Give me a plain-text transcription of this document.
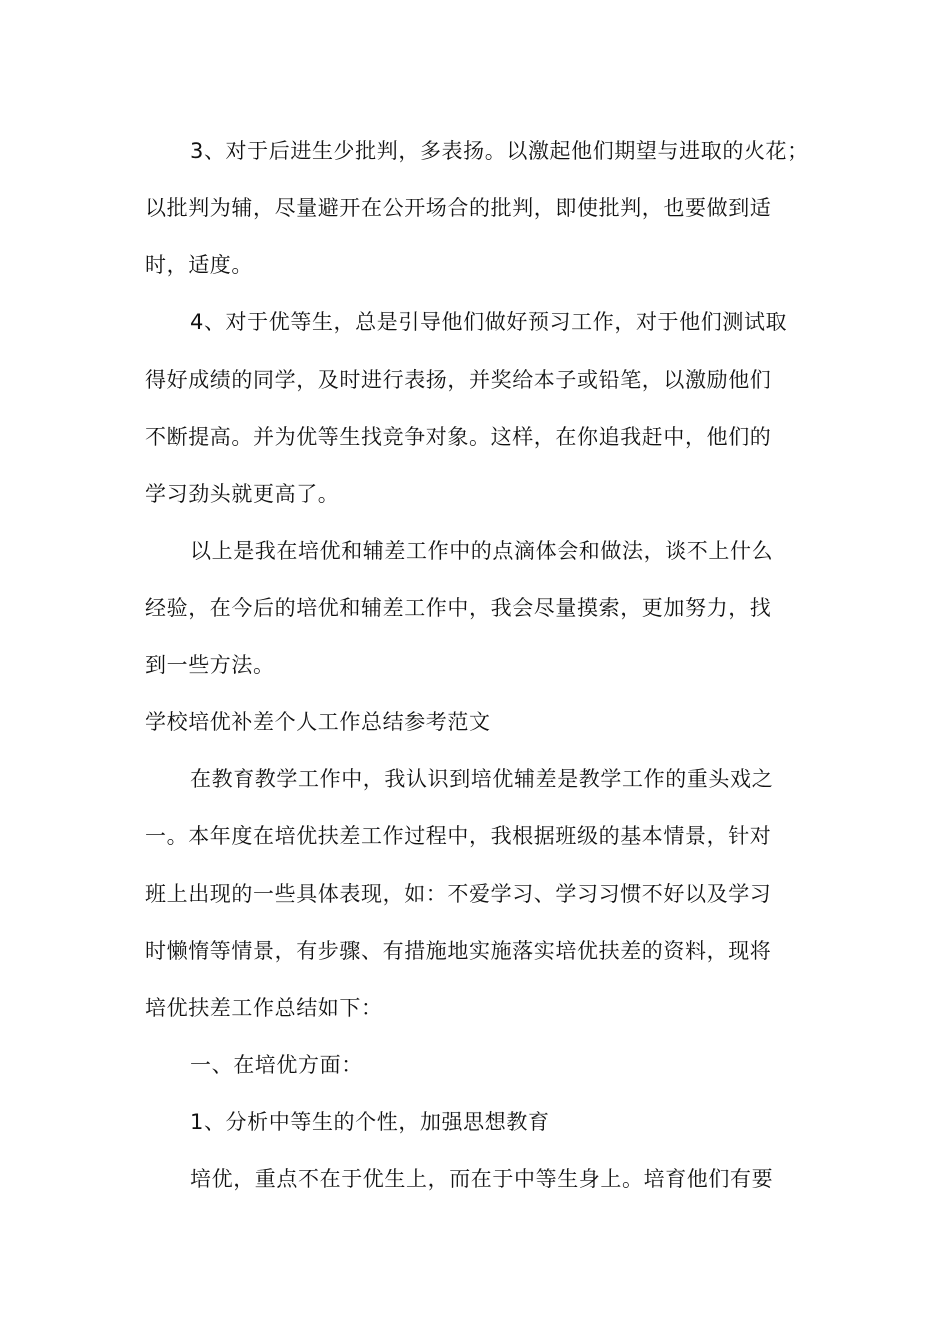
3、对于后进生少批判，多表扬。以激起他们期望与进取的火花；
以批判为辅，尽量避开在公开场合的批判，即使批判，也要做到适
时，适度。
4、对于优等生，总是引导他们做好预习工作，对于他们测试取
得好成绩的同学，及时进行表扬，并奖给本子或铅笔，以激励他们
不断提高。并为优等生找竞争对象。这样，在你追我赶中，他们的
学习劲头就更高了。
以上是我在培优和辅差工作中的点滴体会和做法，谈不上什么
经验，在今后的培优和辅差工作中，我会尽量摸索，更加努力，找
到一些方法。
学校培优补差个人工作总结参考范文
在教育教学工作中，我认识到培优辅差是教学工作的重头戏之
一。本年度在培优扶差工作过程中，我根据班级的基本情景，针对
班上出现的一些具体表现，如：不爱学习、学习习惯不好以及学习
时懒惰等情景，有步骤、有措施地实施落实培优扶差的资料，现将
培优扶差工作总结如下：
一、在培优方面：
1、分析中等生的个性，加强思想教育
培优，重点不在于优生上，而在于中等生身上。培育他们有要
